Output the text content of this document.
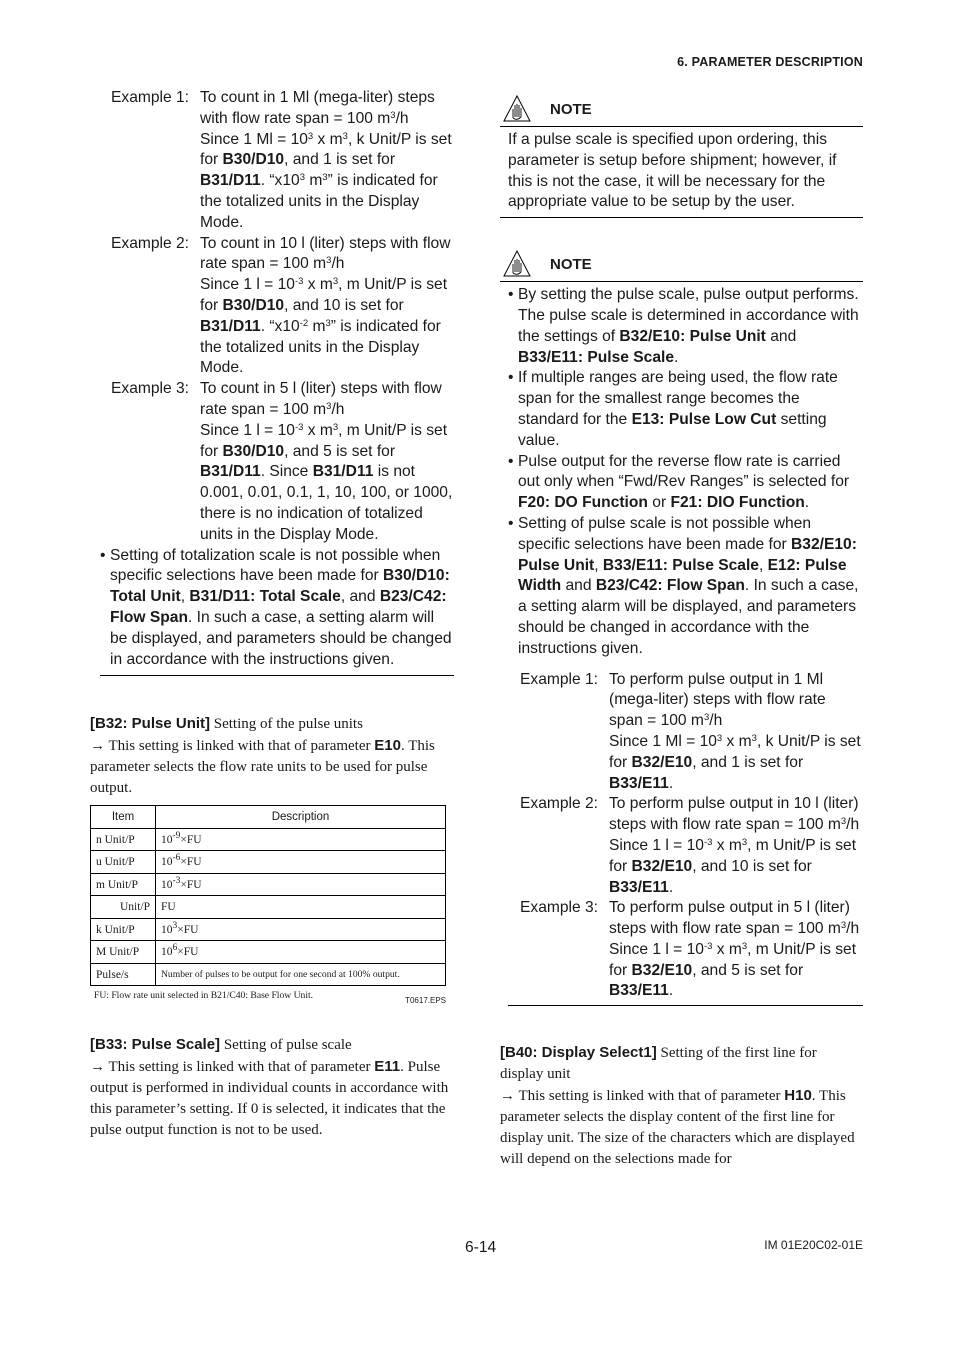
6. PARAMETER DESCRIPTION
Example 1: To count in 1 Ml (mega-liter) steps with flow rate span = 100 $m^3/h$
Since 1 $Ml = 10^3$ x $m^3$, k Unit/P is set for B30/D10, and 1 is set for B31/D11. “$x10^3$ $m^3$” is indicated for the totalized units in the Display Mode.
Example 2: To count in 10 l (liter) steps with flow rate span = 100 $m^3/h$
Since 1 $l = 10^{-3}$ x $m^3$, m Unit/P is set for B30/D10, and 10 is set for B31/D11. “$x10^{-2}$ $m^3$” is indicated for the totalized units in the Display Mode.
Example 3: To count in 5 l (liter) steps with flow rate span = 100 $m^3/h$
Since 1 $l = 10^{-3}$ x $m^3$, m Unit/P is set for B30/D10, and 5 is set for B31/D11. Since B31/D11 is not 0.001, 0.01, 0.1, 1, 10, 100, or 1000, there is no indication of totalized units in the Display Mode.
• Setting of totalization scale is not possible when specific selections have been made for B30/D10: Total Unit, B31/D11: Total Scale, and B23/C42: Flow Span. In such a case, a setting alarm will be displayed, and parameters should be changed in accordance with the instructions given.
[B32: Pulse Unit] Setting of the pulse units
→ This setting is linked with that of parameter E10. This parameter selects the flow rate units to be used for pulse output.
Item	Description
n Unit/P	$10^{-9}\times FU$
u Unit/P	$10^{-6}\times FU$
m Unit/P	$10^{-3}\times FU$
Unit/P	FU
k Unit/P	$10^3\times FU$
M Unit/P	$10^6\times FU$
Pulse/s	Number of pulses to be output for one second at 100% output.
FU: Flow rate unit selected in B21/C40: Base Flow Unit.	T0617.EPS
[B33: Pulse Scale] Setting of pulse scale
→ This setting is linked with that of parameter E11. Pulse output is performed in individual counts in accordance with this parameter’s setting. If 0 is selected, it indicates that the pulse output function is not to be used.
NOTE
If a pulse scale is specified upon ordering, this parameter is setup before shipment; however, if this is not the case, it will be necessary for the appropriate value to be setup by the user.
NOTE
• By setting the pulse scale, pulse output performs. The pulse scale is determined in accordance with the settings of B32/E10: Pulse Unit and B33/E11: Pulse Scale.
• If multiple ranges are being used, the flow rate span for the smallest range becomes the standard for the E13: Pulse Low Cut setting value.
• Pulse output for the reverse flow rate is carried out only when “Fwd/Rev Ranges” is selected for F20: DO Function or F21: DIO Function.
• Setting of pulse scale is not possible when specific selections have been made for B32/E10: Pulse Unit, B33/E11: Pulse Scale, E12: Pulse Width and B23/C42: Flow Span. In such a case, a setting alarm will be displayed, and parameters should be changed in accordance with the instructions given.
Example 1: To perform pulse output in 1 Ml (mega-liter) steps with flow rate span = 100 $m^3/h$
Since 1 $Ml = 10^3$ x $m^3$, k Unit/P is set for B32/E10, and 1 is set for B33/E11.
Example 2: To perform pulse output in 10 l (liter) steps with flow rate span = 100 $m^3/h$
Since 1 $l = 10^{-3}$ x $m^3$, m Unit/P is set for B32/E10, and 10 is set for B33/E11.
Example 3: To perform pulse output in 5 l (liter) steps with flow rate span = 100 $m^3/h$
Since 1 $l = 10^{-3}$ x $m^3$, m Unit/P is set for B32/E10, and 5 is set for B33/E11.
[B40: Display Select1] Setting of the first line for display unit
→ This setting is linked with that of parameter H10. This parameter selects the display content of the first line for display unit. The size of the characters which are displayed will depend on the selections made for
6-14	IM 01E20C02-01E
